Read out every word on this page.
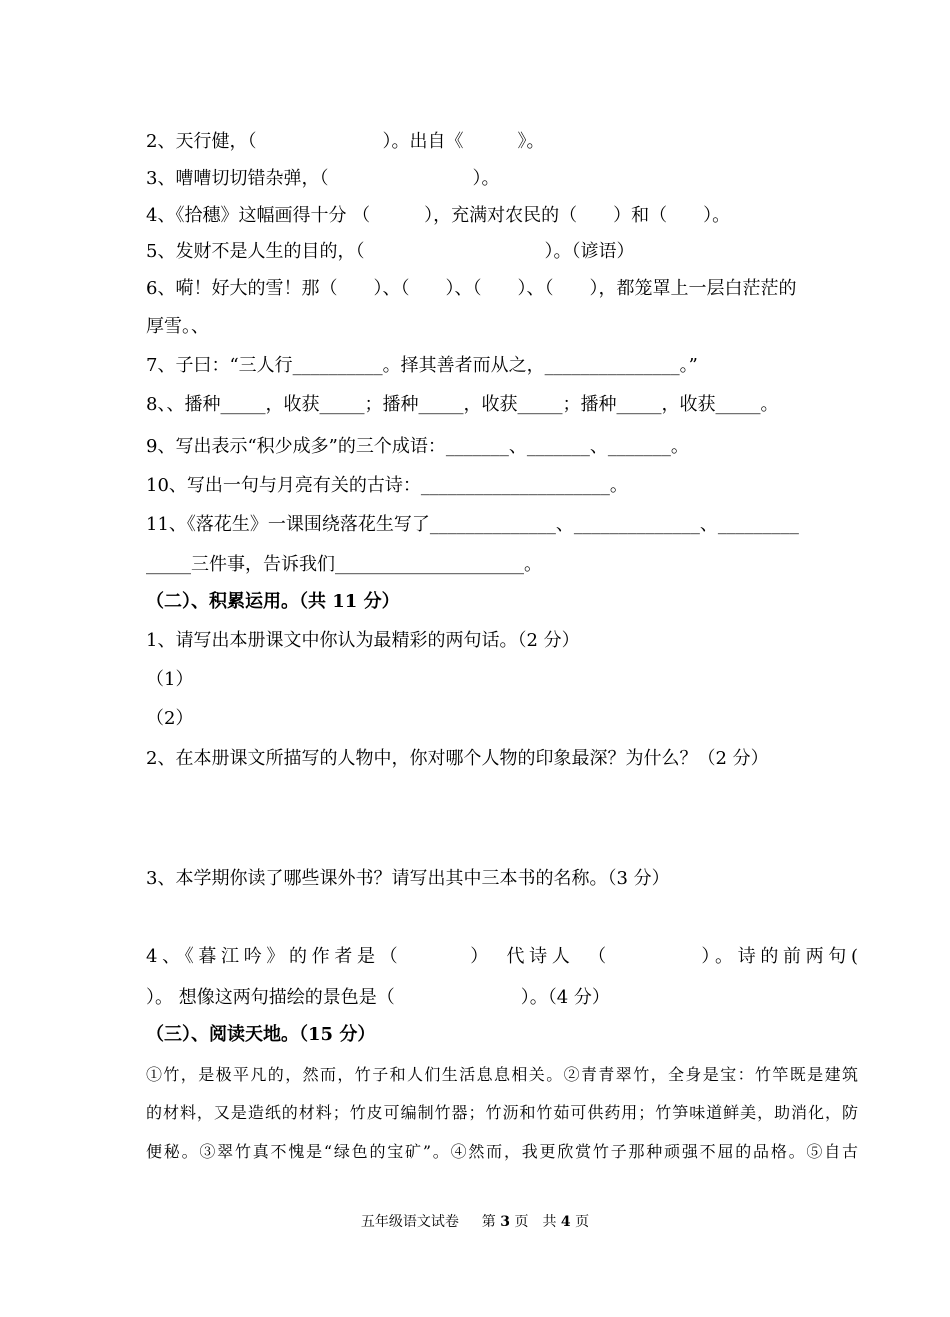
2、天行健，（　　　　　　　）。出自《　　　》。
3、嘈嘈切切错杂弹，（　　　　　　　　）。
4、《拾穗》这幅画得十分 （　　　），充满对农民的（　　）和（　　）。
5、发财不是人生的目的，（　　　　　　　　　　）。（谚语）
6、嗬！好大的雪！那（　　）、（　　）、（　　）、（　　），都笼罩上一层白茫茫的
厚雪。、
7、子曰：“三人行__________。择其善者而从之，_______________。”
8、、播种_____，收获_____；播种_____，收获_____；播种_____，收获_____。
9、写出表示“积少成多”的三个成语：_______、_______、_______。
10、写出一句与月亮有关的古诗：_____________________。
11、《落花生》一课围绕落花生写了______________、______________、_________
_____三件事，告诉我们_____________________。
（二）、积累运用。（共 11 分）
1、请写出本册课文中你认为最精彩的两句话。（2 分）
（1）
（2）
2、在本册课文所描写的人物中，你对哪个人物的印象最深？为什么？（2 分）
3、本学期你读了哪些课外书？请写出其中三本书的名称。（3 分）
4、《暮江吟》的作者是（　　　）　代诗人　（　　　　）。诗的前两句(
）。 想像这两句描绘的景色是（　　　　　　　）。（4 分）
（三）、阅读天地。（15 分）
①竹，是极平凡的，然而，竹子和人们生活息息相关。②青青翠竹，全身是宝：竹竿既是建筑
的材料，又是造纸的材料；竹皮可编制竹器；竹沥和竹茹可供药用；竹笋味道鲜美，助消化，防
便秘。③翠竹真不愧是“绿色的宝矿”。④然而，我更欣赏竹子那种顽强不屈的品格。⑤自古
五年级语文试卷 　 第 3 页　共 4 页
